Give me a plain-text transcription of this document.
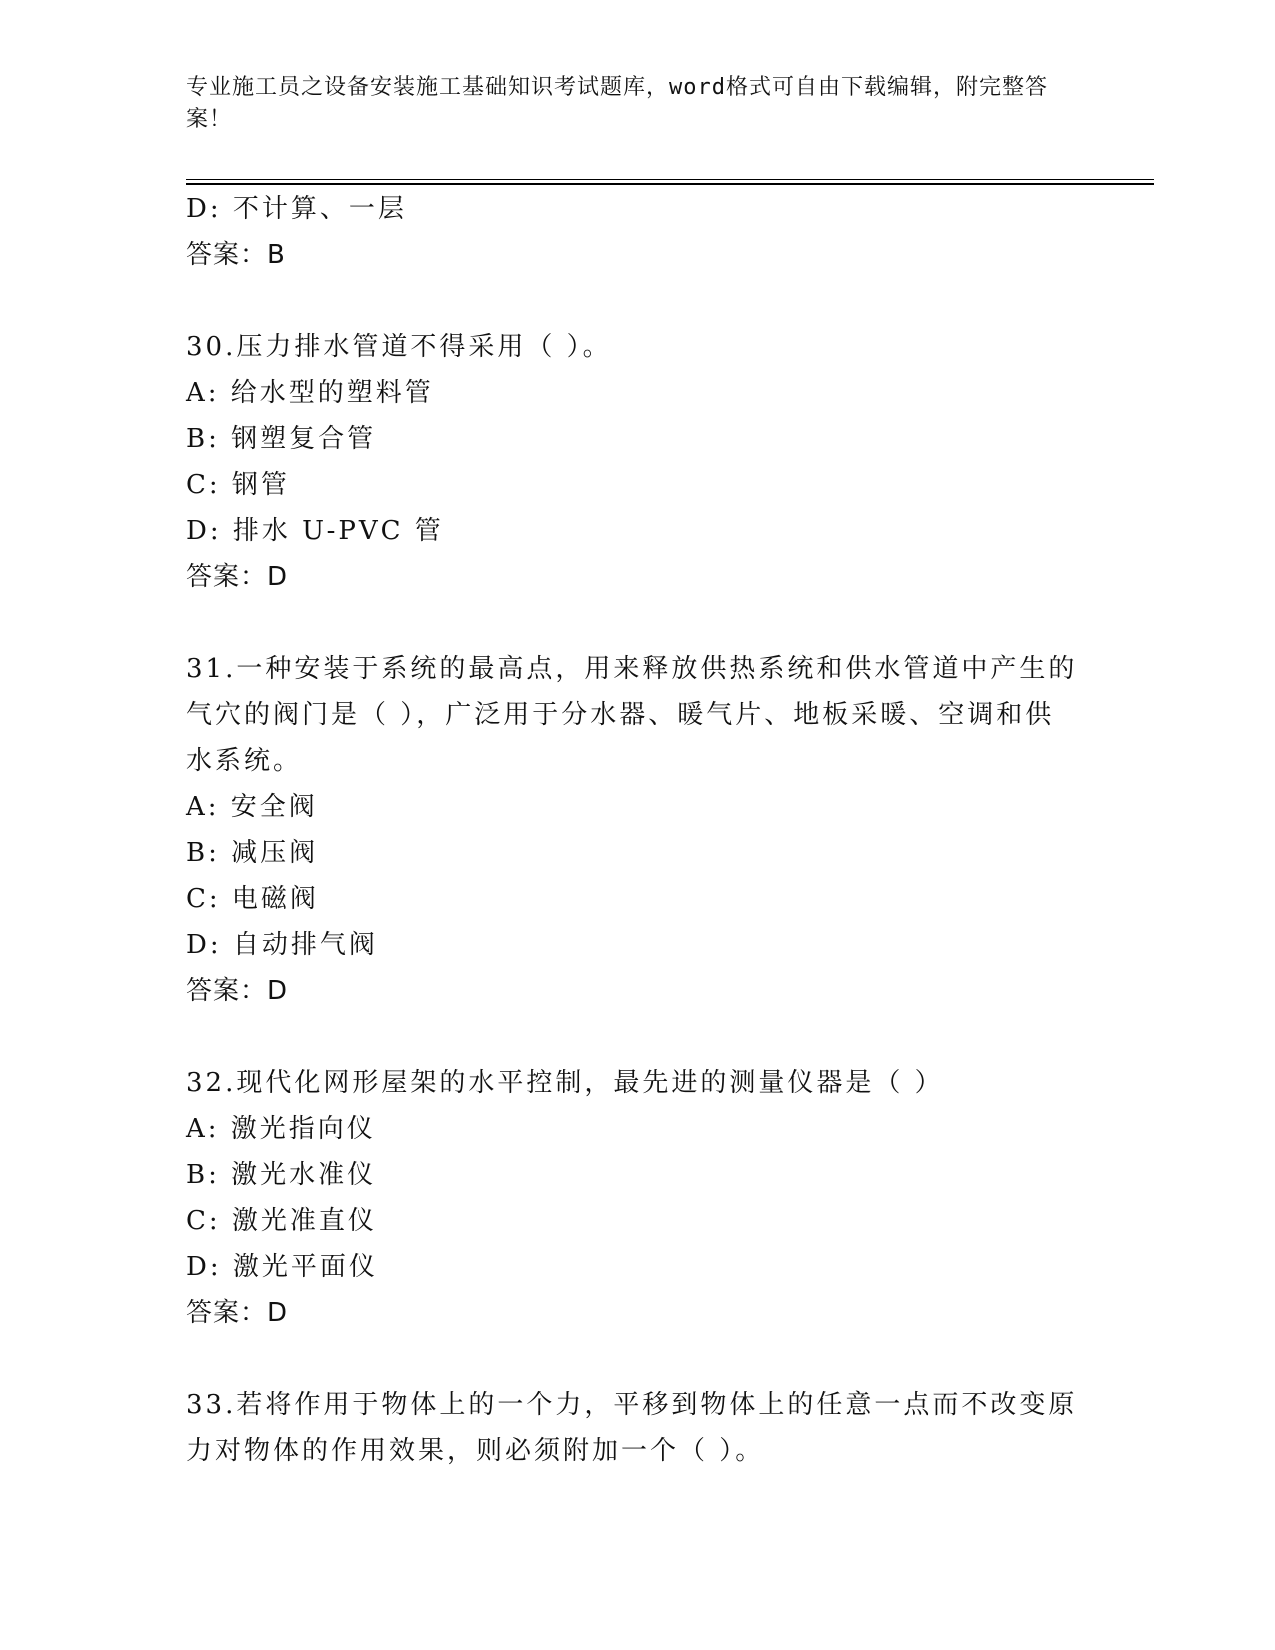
专业施工员之设备安装施工基础知识考试题库，word格式可自由下载编辑，附完整答案！
D: 不计算、一层
答案：B
30.压力排水管道不得采用（ ）。
A: 给水型的塑料管
B: 钢塑复合管
C: 钢管
D: 排水 U-PVC 管
答案：D
31.一种安装于系统的最高点，用来释放供热系统和供水管道中产生的
气穴的阀门是（ ），广泛用于分水器、暖气片、地板采暖、空调和供
水系统。
A: 安全阀
B: 减压阀
C: 电磁阀
D: 自动排气阀
答案：D
32.现代化网形屋架的水平控制，最先进的测量仪器是（ ）
A: 激光指向仪
B: 激光水准仪
C: 激光准直仪
D: 激光平面仪
答案：D
33.若将作用于物体上的一个力，平移到物体上的任意一点而不改变原
力对物体的作用效果，则必须附加一个（ ）。
